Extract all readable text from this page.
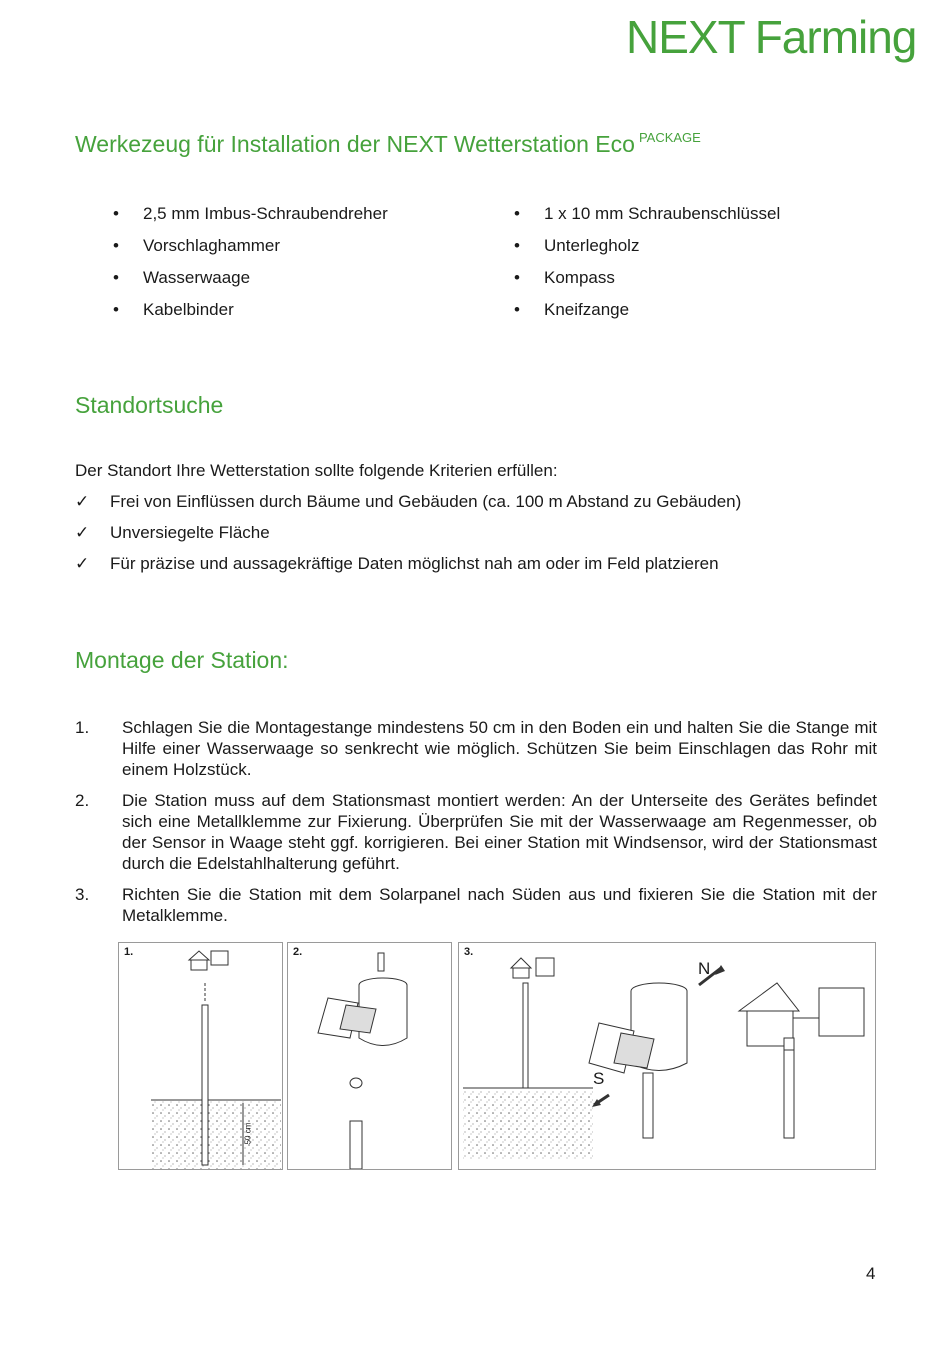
NEXT Farming
Werkezeug für Installation der NEXT Wetterstation Eco $^{PACKAGE}$
• 2,5 mm Imbus-Schraubendreher
• Vorschlaghammer
• Wasserwaage
• Kabelbinder
• 1 x 10 mm Schraubenschlüssel
• Unterlegholz
• Kompass
• Kneifzange
Standortsuche
Der Standort Ihre Wetterstation sollte folgende Kriterien erfüllen:
✓ Frei von Einflüssen durch Bäume und Gebäuden (ca. 100 m Abstand zu Gebäuden)
✓ Unversiegelte Fläche
✓ Für präzise und aussagekräftige Daten möglichst nah am oder im Feld platzieren
Montage der Station:
1. Schlagen Sie die Montagestange mindestens 50 cm in den Boden ein und halten Sie die Stange mit Hilfe einer Wasserwaage so senkrecht wie möglich. Schützen Sie beim Einschlagen das Rohr mit einem Holzstück.
2. Die Station muss auf dem Stationsmast montiert werden: An der Unterseite des Gerätes befindet sich eine Metallklemme zur Fixierung. Überprüfen Sie mit der Wasserwaage am Regenmesser, ob der Sensor in Waage steht ggf. korrigieren. Bei einer Station mit Windsensor, wird der Stationsmast durch die Edelstahlhalterung geführt.
3. Richten Sie die Station mit dem Solarpanel nach Süden aus und fixieren Sie die Station mit der Metalklemme.
1.
50 cm
2.	3.
N
S
4
